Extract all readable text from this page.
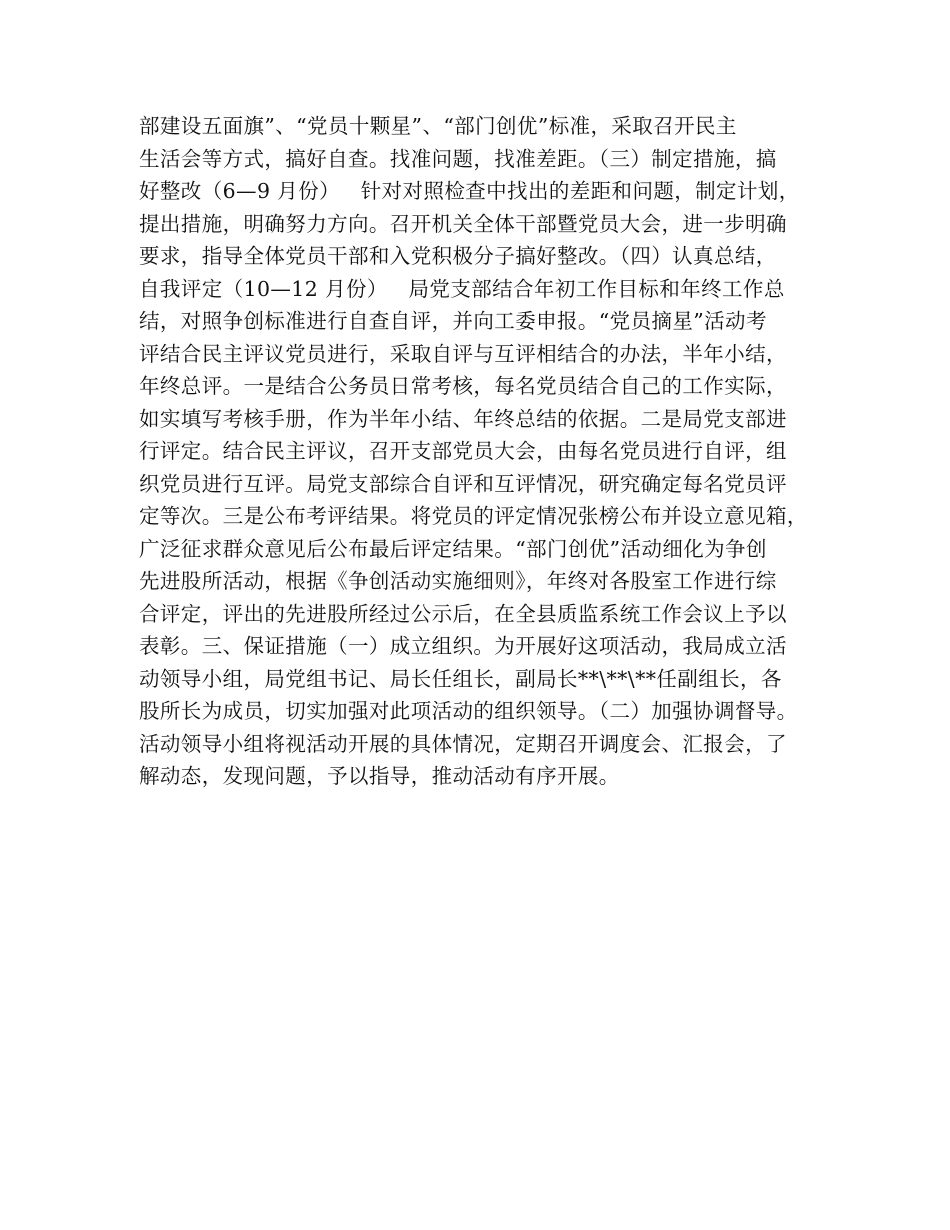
部建设五面旗”、“党员十颗星”、“部门创优”标准，采取召开民主
生活会等方式，搞好自查。找准问题，找准差距。（三）制定措施，搞
好整改（6—9 月份）   针对对照检查中找出的差距和问题，制定计划，
提出措施，明确努力方向。召开机关全体干部暨党员大会，进一步明确
要求，指导全体党员干部和入党积极分子搞好整改。（四）认真总结，
自我评定（10—12 月份）   局党支部结合年初工作目标和年终工作总
结，对照争创标准进行自查自评，并向工委申报。“党员摘星”活动考
评结合民主评议党员进行，采取自评与互评相结合的办法，半年小结，
年终总评。一是结合公务员日常考核，每名党员结合自己的工作实际，
如实填写考核手册，作为半年小结、年终总结的依据。二是局党支部进
行评定。结合民主评议，召开支部党员大会，由每名党员进行自评，组
织党员进行互评。局党支部综合自评和互评情况，研究确定每名党员评
定等次。三是公布考评结果。将党员的评定情况张榜公布并设立意见箱，
广泛征求群众意见后公布最后评定结果。“部门创优”活动细化为争创
先进股所活动，根据《争创活动实施细则》，年终对各股室工作进行综
合评定，评出的先进股所经过公示后，在全县质监系统工作会议上予以
表彰。三、保证措施（一）成立组织。为开展好这项活动，我局成立活
动领导小组，局党组书记、局长任组长，副局长**\**\**任副组长，各
股所长为成员，切实加强对此项活动的组织领导。（二）加强协调督导。
活动领导小组将视活动开展的具体情况，定期召开调度会、汇报会，了
解动态，发现问题，予以指导，推动活动有序开展。
